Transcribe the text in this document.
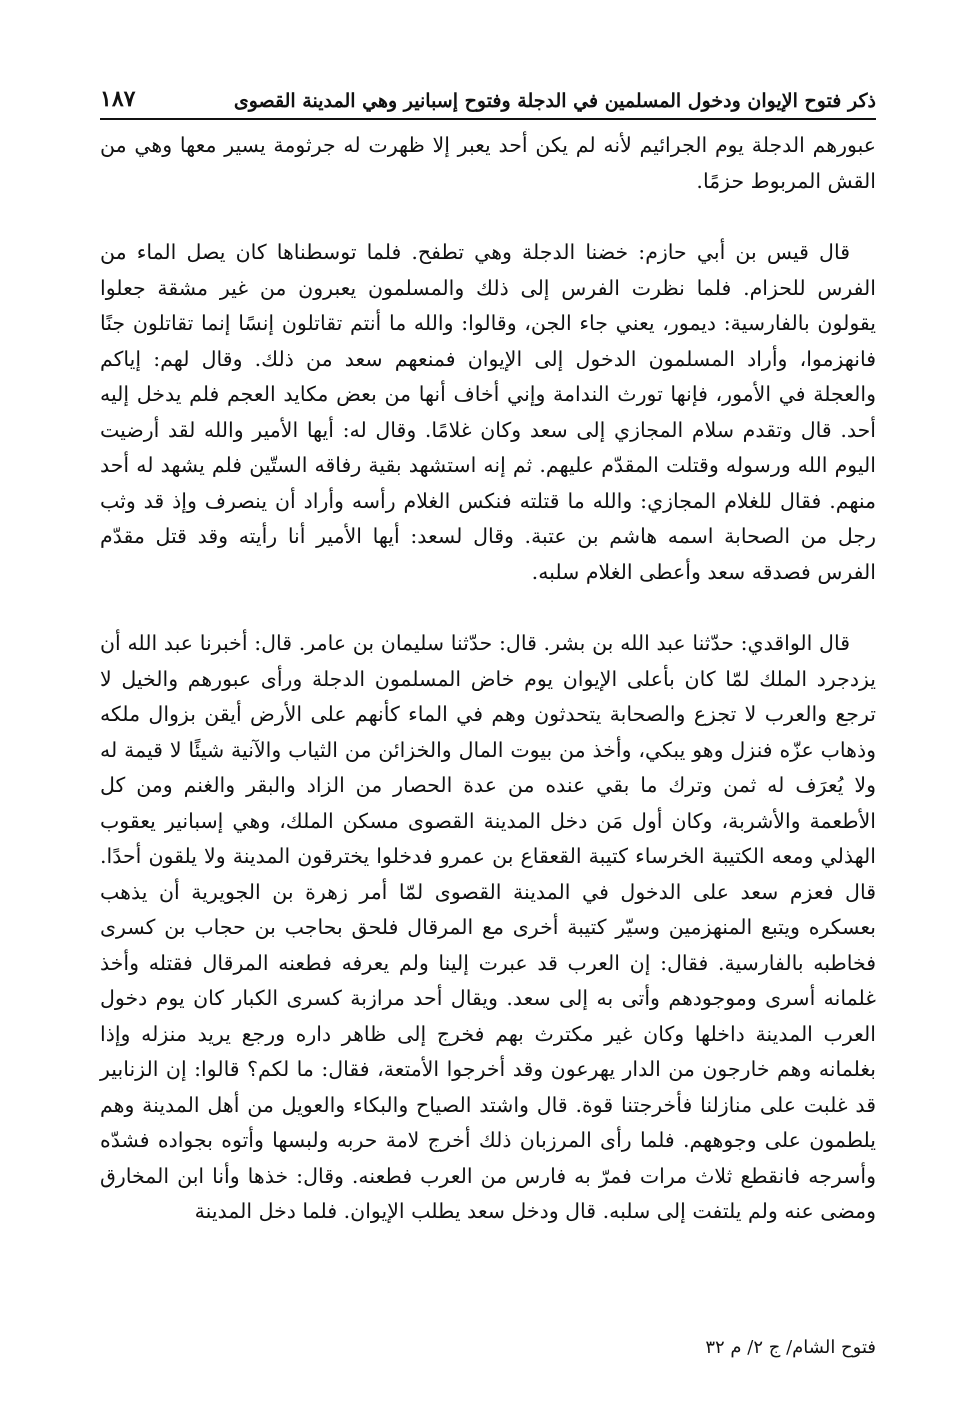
ذكر فتوح الإيوان ودخول المسلمين في الدجلة وفتوح إسبانير وهي المدينة القصوى
١٨٧

عبورهم الدجلة يوم الجرائيم لأنه لم يكن أحد يعبر إلا ظهرت له جرثومة يسير معها وهي من القش المربوط حزمًا.

قال قيس بن أبي حازم: خضنا الدجلة وهي تطفح. فلما توسطناها كان يصل الماء من الفرس للحزام. فلما نظرت الفرس إلى ذلك والمسلمون يعبرون من غير مشقة جعلوا يقولون بالفارسية: ديمور، يعني جاء الجن، وقالوا: والله ما أنتم تقاتلون إنسًا إنما تقاتلون جنًا فانهزموا، وأراد المسلمون الدخول إلى الإيوان فمنعهم سعد من ذلك. وقال لهم: إياكم والعجلة في الأمور، فإنها تورث الندامة وإني أخاف أنها من بعض مكايد العجم فلم يدخل إليه أحد. قال وتقدم سلام المجازي إلى سعد وكان غلامًا. وقال له: أيها الأمير والله لقد أرضيت اليوم الله ورسوله وقتلت المقدّم عليهم. ثم إنه استشهد بقية رفاقه الستّين فلم يشهد له أحد منهم. فقال للغلام المجازي: والله ما قتلته فنكس الغلام رأسه وأراد أن ينصرف وإذ قد وثب رجل من الصحابة اسمه هاشم بن عتبة. وقال لسعد: أيها الأمير أنا رأيته وقد قتل مقدّم الفرس فصدقه سعد وأعطى الغلام سلبه.

قال الواقدي: حدّثنا عبد الله بن بشر. قال: حدّثنا سليمان بن عامر. قال: أخبرنا عبد الله أن يزدجرد الملك لمّا كان بأعلى الإيوان يوم خاض المسلمون الدجلة ورأى عبورهم والخيل لا ترجع والعرب لا تجزع والصحابة يتحدثون وهم في الماء كأنهم على الأرض أيقن بزوال ملكه وذهاب عزّه فنزل وهو يبكي، وأخذ من بيوت المال والخزائن من الثياب والآنية شيئًا لا قيمة له ولا يُعرَف له ثمن وترك ما بقي عنده من عدة الحصار من الزاد والبقر والغنم ومن كل الأطعمة والأشربة، وكان أول مَن دخل المدينة القصوى مسكن الملك، وهي إسبانير يعقوب الهذلي ومعه الكتيبة الخرساء كتيبة القعقاع بن عمرو فدخلوا يخترقون المدينة ولا يلقون أحدًا. قال فعزم سعد على الدخول في المدينة القصوى لمّا أمر زهرة بن الجويرية أن يذهب بعسكره ويتبع المنهزمين وسيّر كتيبة أخرى مع المرقال فلحق بحاجب بن حجاب بن كسرى فخاطبه بالفارسية. فقال: إن العرب قد عبرت إلينا ولم يعرفه فطعنه المرقال فقتله وأخذ غلمانه أسرى وموجودهم وأتى به إلى سعد. ويقال أحد مرازبة كسرى الكبار كان يوم دخول العرب المدينة داخلها وكان غير مكترث بهم فخرج إلى ظاهر داره ورجع يريد منزله وإذا بغلمانه وهم خارجون من الدار يهرعون وقد أخرجوا الأمتعة، فقال: ما لكم؟ قالوا: إن الزنابير قد غلبت على منازلنا فأخرجتنا قوة. قال واشتد الصياح والبكاء والعويل من أهل المدينة وهم يلطمون على وجوههم. فلما رأى المرزبان ذلك أخرج لامة حربه ولبسها وأتوه بجواده فشدّه وأسرجه فانقطع ثلاث مرات فمرّ به فارس من العرب فطعنه. وقال: خذها وأنا ابن المخارق ومضى عنه ولم يلتفت إلى سلبه. قال ودخل سعد يطلب الإيوان. فلما دخل المدينة

فتوح الشام/ ج ٢/ م ٣٢
